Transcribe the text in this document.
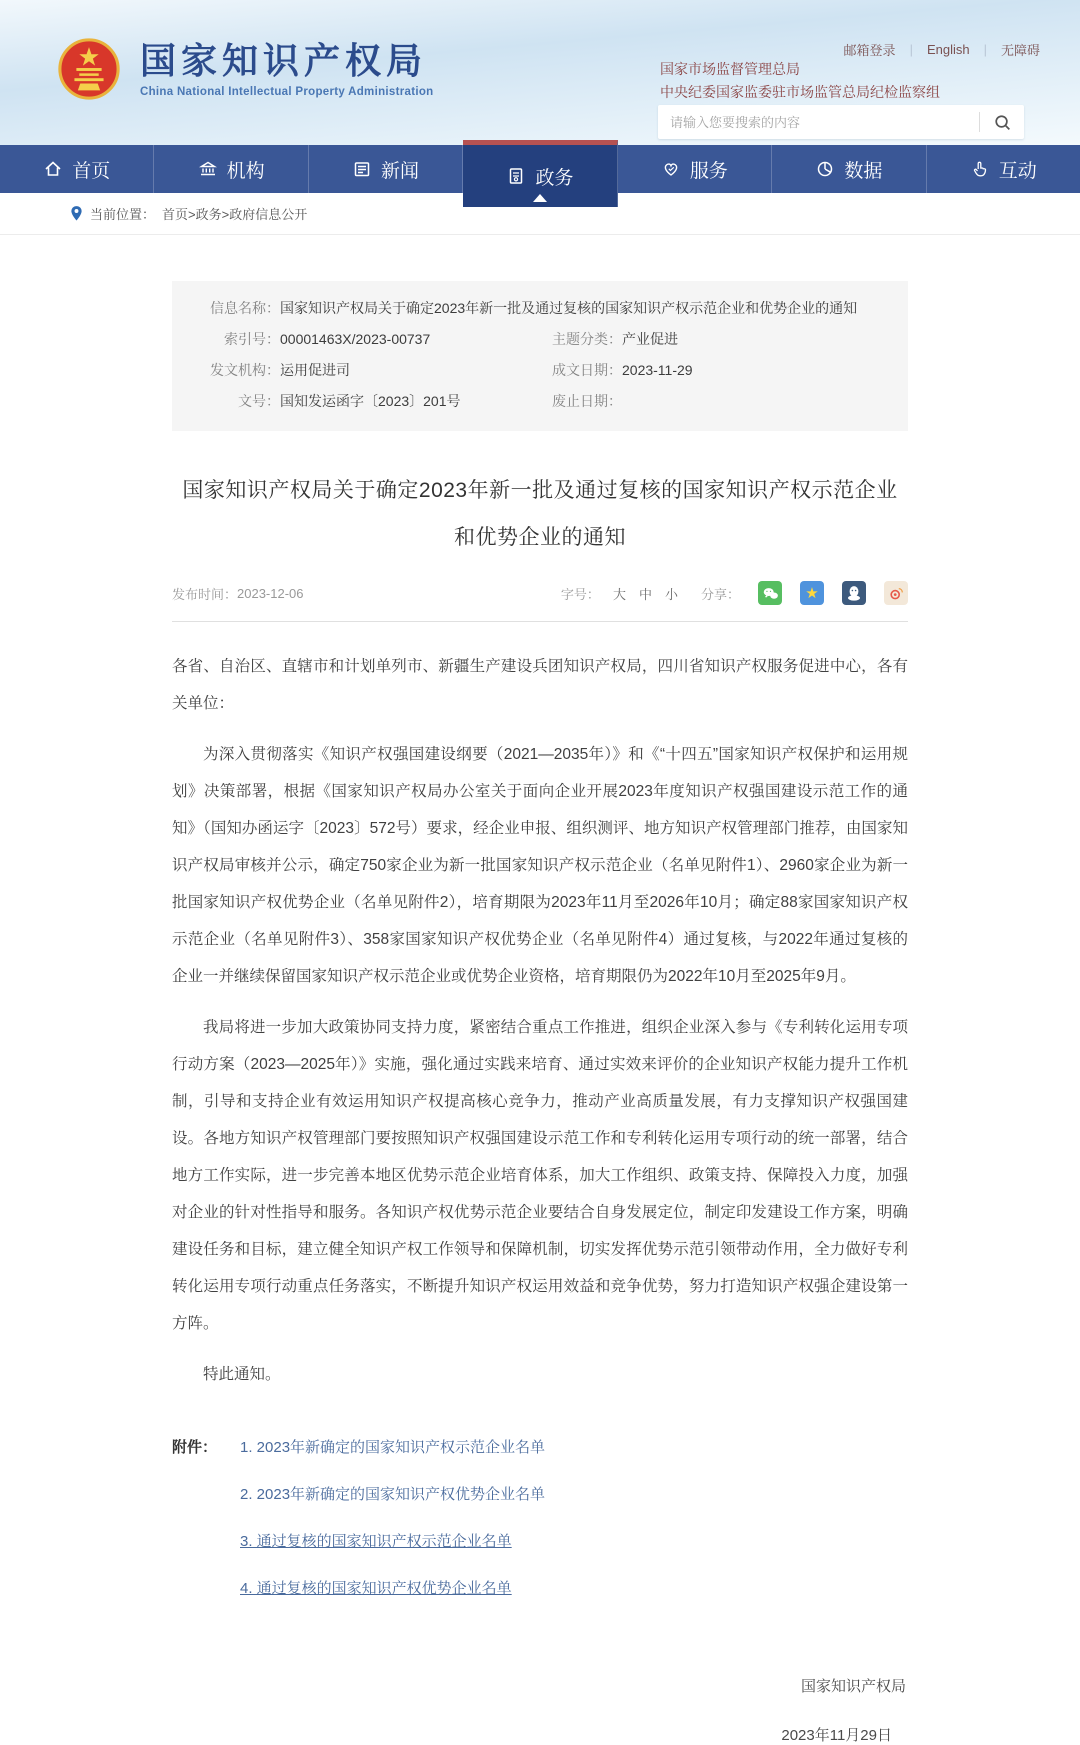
国家知识产权局
China National Intellectual Property Administration
邮箱登录 | English | 无障碍
国家市场监督管理总局
中央纪委国家监委驻市场监管总局纪检监察组
请输入您要搜索的内容
首页	机构	新闻	政务	服务	数据	互动
当前位置： 首页>政务>政府信息公开
信息名称： 国家知识产权局关于确定2023年新一批及通过复核的国家知识产权示范企业和优势企业的通知
索引号： 00001463X/2023-00737	主题分类： 产业促进
发文机构： 运用促进司	成文日期： 2023-11-29
文号： 国知发运函字〔2023〕201号	废止日期：
国家知识产权局关于确定2023年新一批及通过复核的国家知识产权示范企业和优势企业的通知
发布时间： 2023-12-06	字号： 大 中 小 分享：	★

各省、自治区、直辖市和计划单列市、新疆生产建设兵团知识产权局，四川省知识产权服务促进中心，各有关单位：

为深入贯彻落实《知识产权强国建设纲要（2021—2035年）》和《“十四五”国家知识产权保护和运用规划》决策部署，根据《国家知识产权局办公室关于面向企业开展2023年度知识产权强国建设示范工作的通知》（国知办函运字〔2023〕572号）要求，经企业申报、组织测评、地方知识产权管理部门推荐，由国家知识产权局审核并公示，确定750家企业为新一批国家知识产权示范企业（名单见附件1）、2960家企业为新一批国家知识产权优势企业（名单见附件2），培育期限为2023年11月至2026年10月；确定88家国家知识产权示范企业（名单见附件3）、358家国家知识产权优势企业（名单见附件4）通过复核，与2022年通过复核的企业一并继续保留国家知识产权示范企业或优势企业资格，培育期限仍为2022年10月至2025年9月。

我局将进一步加大政策协同支持力度，紧密结合重点工作推进，组织企业深入参与《专利转化运用专项行动方案（2023—2025年）》实施，强化通过实践来培育、通过实效来评价的企业知识产权能力提升工作机制，引导和支持企业有效运用知识产权提高核心竞争力，推动产业高质量发展，有力支撑知识产权强国建设。各地方知识产权管理部门要按照知识产权强国建设示范工作和专利转化运用专项行动的统一部署，结合地方工作实际，进一步完善本地区优势示范企业培育体系，加大工作组织、政策支持、保障投入力度，加强对企业的针对性指导和服务。各知识产权优势示范企业要结合自身发展定位，制定印发建设工作方案，明确建设任务和目标，建立健全知识产权工作领导和保障机制，切实发挥优势示范引领带动作用，全力做好专利转化运用专项行动重点任务落实，不断提升知识产权运用效益和竞争优势，努力打造知识产权强企建设第一方阵。

特此通知。

附件：	1. 2023年新确定的国家知识产权示范企业名单
2. 2023年新确定的国家知识产权优势企业名单
3. 通过复核的国家知识产权示范企业名单
4. 通过复核的国家知识产权优势企业名单
国家知识产权局
2023年11月29日
